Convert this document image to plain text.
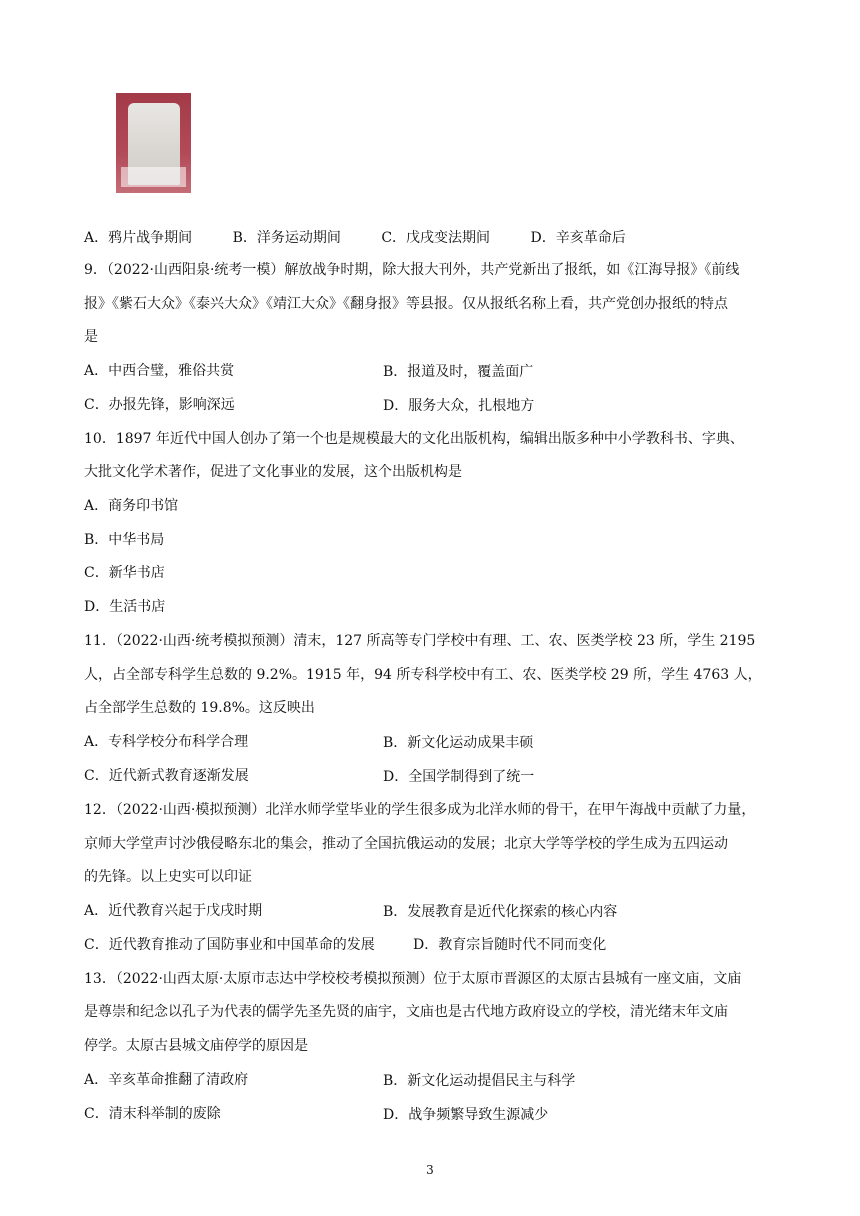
A．鸦片战争期间	B．洋务运动期间	C．戊戌变法期间	D．辛亥革命后
9．（2022·山西阳泉·统考一模）解放战争时期，除大报大刊外，共产党新出了报纸，如《江海导报》《前线
报》《紫石大众》《泰兴大众》《靖江大众》《翻身报》等县报。仅从报纸名称上看，共产党创办报纸的特点
是
A．中西合璧，雅俗共赏	B．报道及时，覆盖面广
C．办报先锋，影响深远	D．服务大众，扎根地方
10．1897 年近代中国人创办了第一个也是规模最大的文化出版机构，编辑出版多种中小学教科书、字典、
大批文化学术著作，促进了文化事业的发展，这个出版机构是
A．商务印书馆
B．中华书局
C．新华书店
D．生活书店
11．（2022·山西·统考模拟预测）清末，127 所高等专门学校中有理、工、农、医类学校 23 所，学生 2195
人，占全部专科学生总数的 9.2%。1915 年，94 所专科学校中有工、农、医类学校 29 所，学生 4763 人，
占全部学生总数的 19.8%。这反映出
A．专科学校分布科学合理	B．新文化运动成果丰硕
C．近代新式教育逐渐发展	D．全国学制得到了统一
12．（2022·山西·模拟预测）北洋水师学堂毕业的学生很多成为北洋水师的骨干，在甲午海战中贡献了力量，
京师大学堂声讨沙俄侵略东北的集会，推动了全国抗俄运动的发展；北京大学等学校的学生成为五四运动
的先锋。以上史实可以印证
A．近代教育兴起于戊戌时期	B．发展教育是近代化探索的核心内容
C．近代教育推动了国防事业和中国革命的发展	D．教育宗旨随时代不同而变化
13．（2022·山西太原·太原市志达中学校校考模拟预测）位于太原市晋源区的太原古县城有一座文庙，文庙
是尊崇和纪念以孔子为代表的儒学先圣先贤的庙宇，文庙也是古代地方政府设立的学校，清光绪末年文庙
停学。太原古县城文庙停学的原因是
A．辛亥革命推翻了清政府	B．新文化运动提倡民主与科学
C．清末科举制的废除	D．战争频繁导致生源减少
3
